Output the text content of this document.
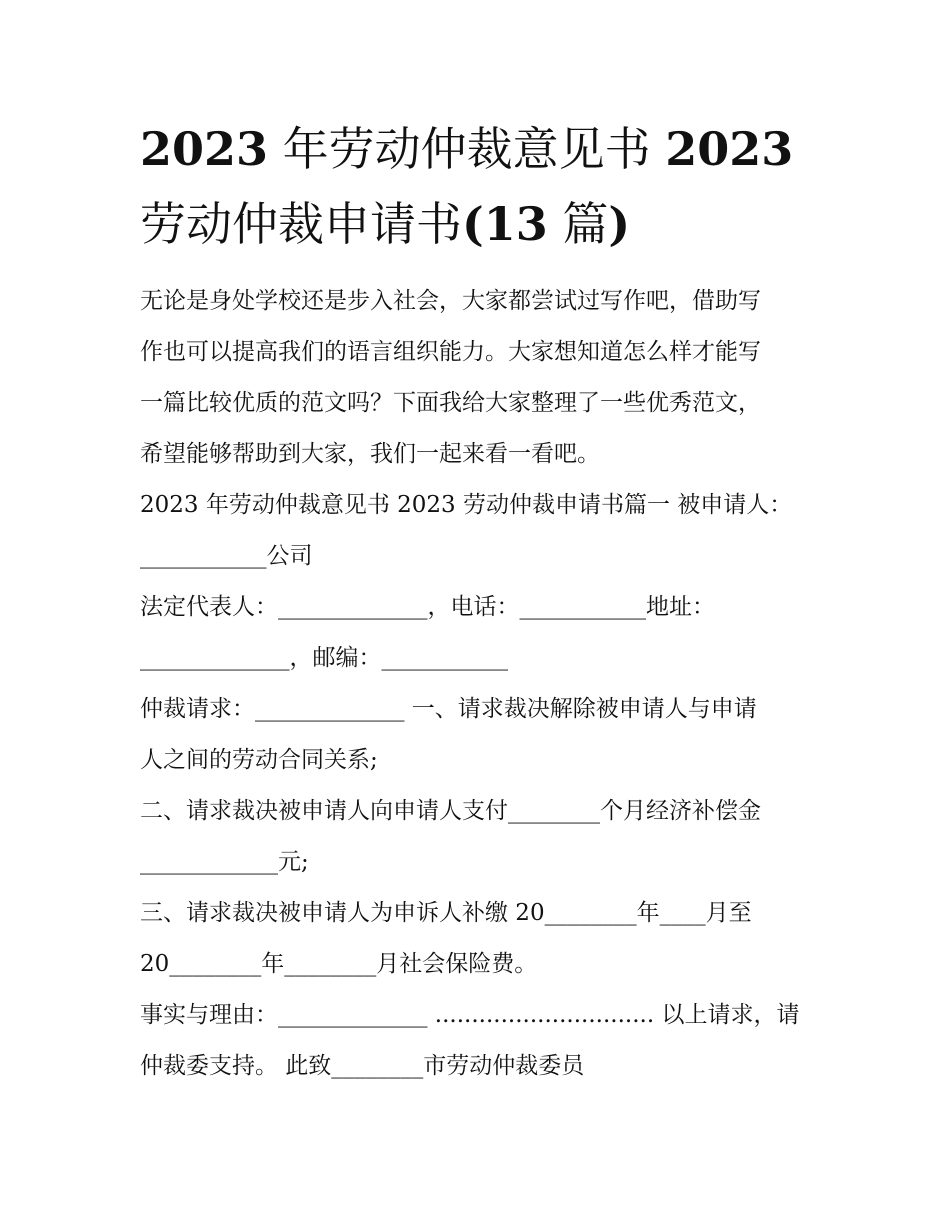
2023 年劳动仲裁意见书 2023
劳动仲裁申请书(13 篇)

无论是身处学校还是步入社会，大家都尝试过写作吧，借助写

作也可以提高我们的语言组织能力。大家想知道怎么样才能写

一篇比较优质的范文吗？下面我给大家整理了一些优秀范文，

希望能够帮助到大家，我们一起来看一看吧。

2023 年劳动仲裁意见书 2023 劳动仲裁申请书篇一 被申请人：

___________公司

法定代表人：_____________，电话：___________地址：

_____________，邮编：___________

仲裁请求：_____________ 一、请求裁决解除被申请人与申请

人之间的劳动合同关系;

二、请求裁决被申请人向申请人支付________个月经济补偿金

____________元;

三、请求裁决被申请人为申诉人补缴 20________年____月至

20________年________月社会保险费。

事实与理由：_____________ .............................. 以上请求，请

仲裁委支持。 此致________市劳动仲裁委员
